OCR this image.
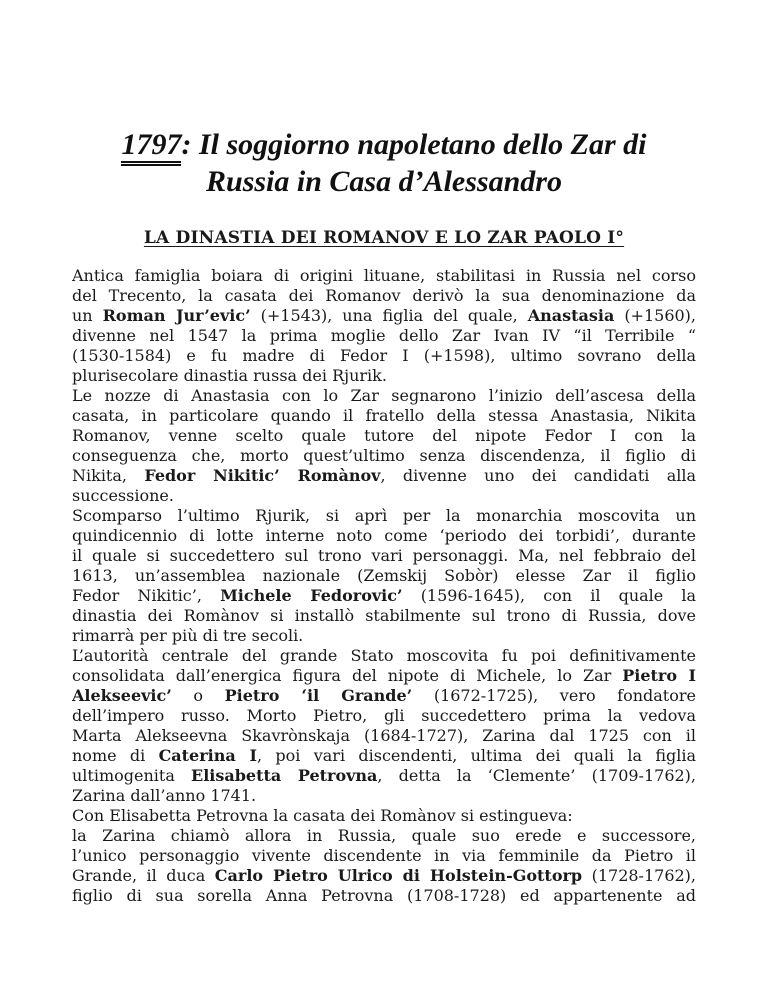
1797: Il soggiorno napoletano dello Zar di
Russia in Casa d’Alessandro
LA DINASTIA DEI ROMANOV E LO ZAR PAOLO I°
Antica famiglia boiara di origini lituane, stabilitasi in Russia nel corso
del Trecento, la casata dei Romanov derivò la sua denominazione da
un Roman Jur’evic’ (+1543), una figlia del quale, Anastasia (+1560),
divenne nel 1547 la prima moglie dello Zar Ivan IV “il Terribile “
(1530-1584) e fu madre di Fedor I (+1598), ultimo sovrano della
plurisecolare dinastia russa dei Rjurik.
Le nozze di Anastasia con lo Zar segnarono l’inizio dell’ascesa della
casata, in particolare quando il fratello della stessa Anastasia, Nikita
Romanov, venne scelto quale tutore del nipote Fedor I con la
conseguenza che, morto quest’ultimo senza discendenza, il figlio di
Nikita, Fedor Nikitic’ Romànov, divenne uno dei candidati alla
successione.
Scomparso l’ultimo Rjurik, si aprì per la monarchia moscovita un
quindicennio di lotte interne noto come ‘periodo dei torbidi’, durante
il quale si succedettero sul trono vari personaggi. Ma, nel febbraio del
1613, un’assemblea nazionale (Zemskij Sobòr) elesse Zar il figlio
Fedor Nikitic’, Michele Fedorovic’ (1596-1645), con il quale la
dinastia dei Romànov si installò stabilmente sul trono di Russia, dove
rimarrà per più di tre secoli.
L’autorità centrale del grande Stato moscovita fu poi definitivamente
consolidata dall’energica figura del nipote di Michele, lo Zar Pietro I
Alekseevic’ o Pietro ‘il Grande’ (1672-1725), vero fondatore
dell’impero russo. Morto Pietro, gli succedettero prima la vedova
Marta Alekseevna Skavrònskaja (1684-1727), Zarina dal 1725 con il
nome di Caterina I, poi vari discendenti, ultima dei quali la figlia
ultimogenita Elisabetta Petrovna, detta la ‘Clemente’ (1709-1762),
Zarina dall’anno 1741.
Con Elisabetta Petrovna la casata dei Romànov si estingueva:
la Zarina chiamò allora in Russia, quale suo erede e successore,
l’unico personaggio vivente discendente in via femminile da Pietro il
Grande, il duca Carlo Pietro Ulrico di Holstein-Gottorp (1728-1762),
figlio di sua sorella Anna Petrovna (1708-1728) ed appartenente ad
